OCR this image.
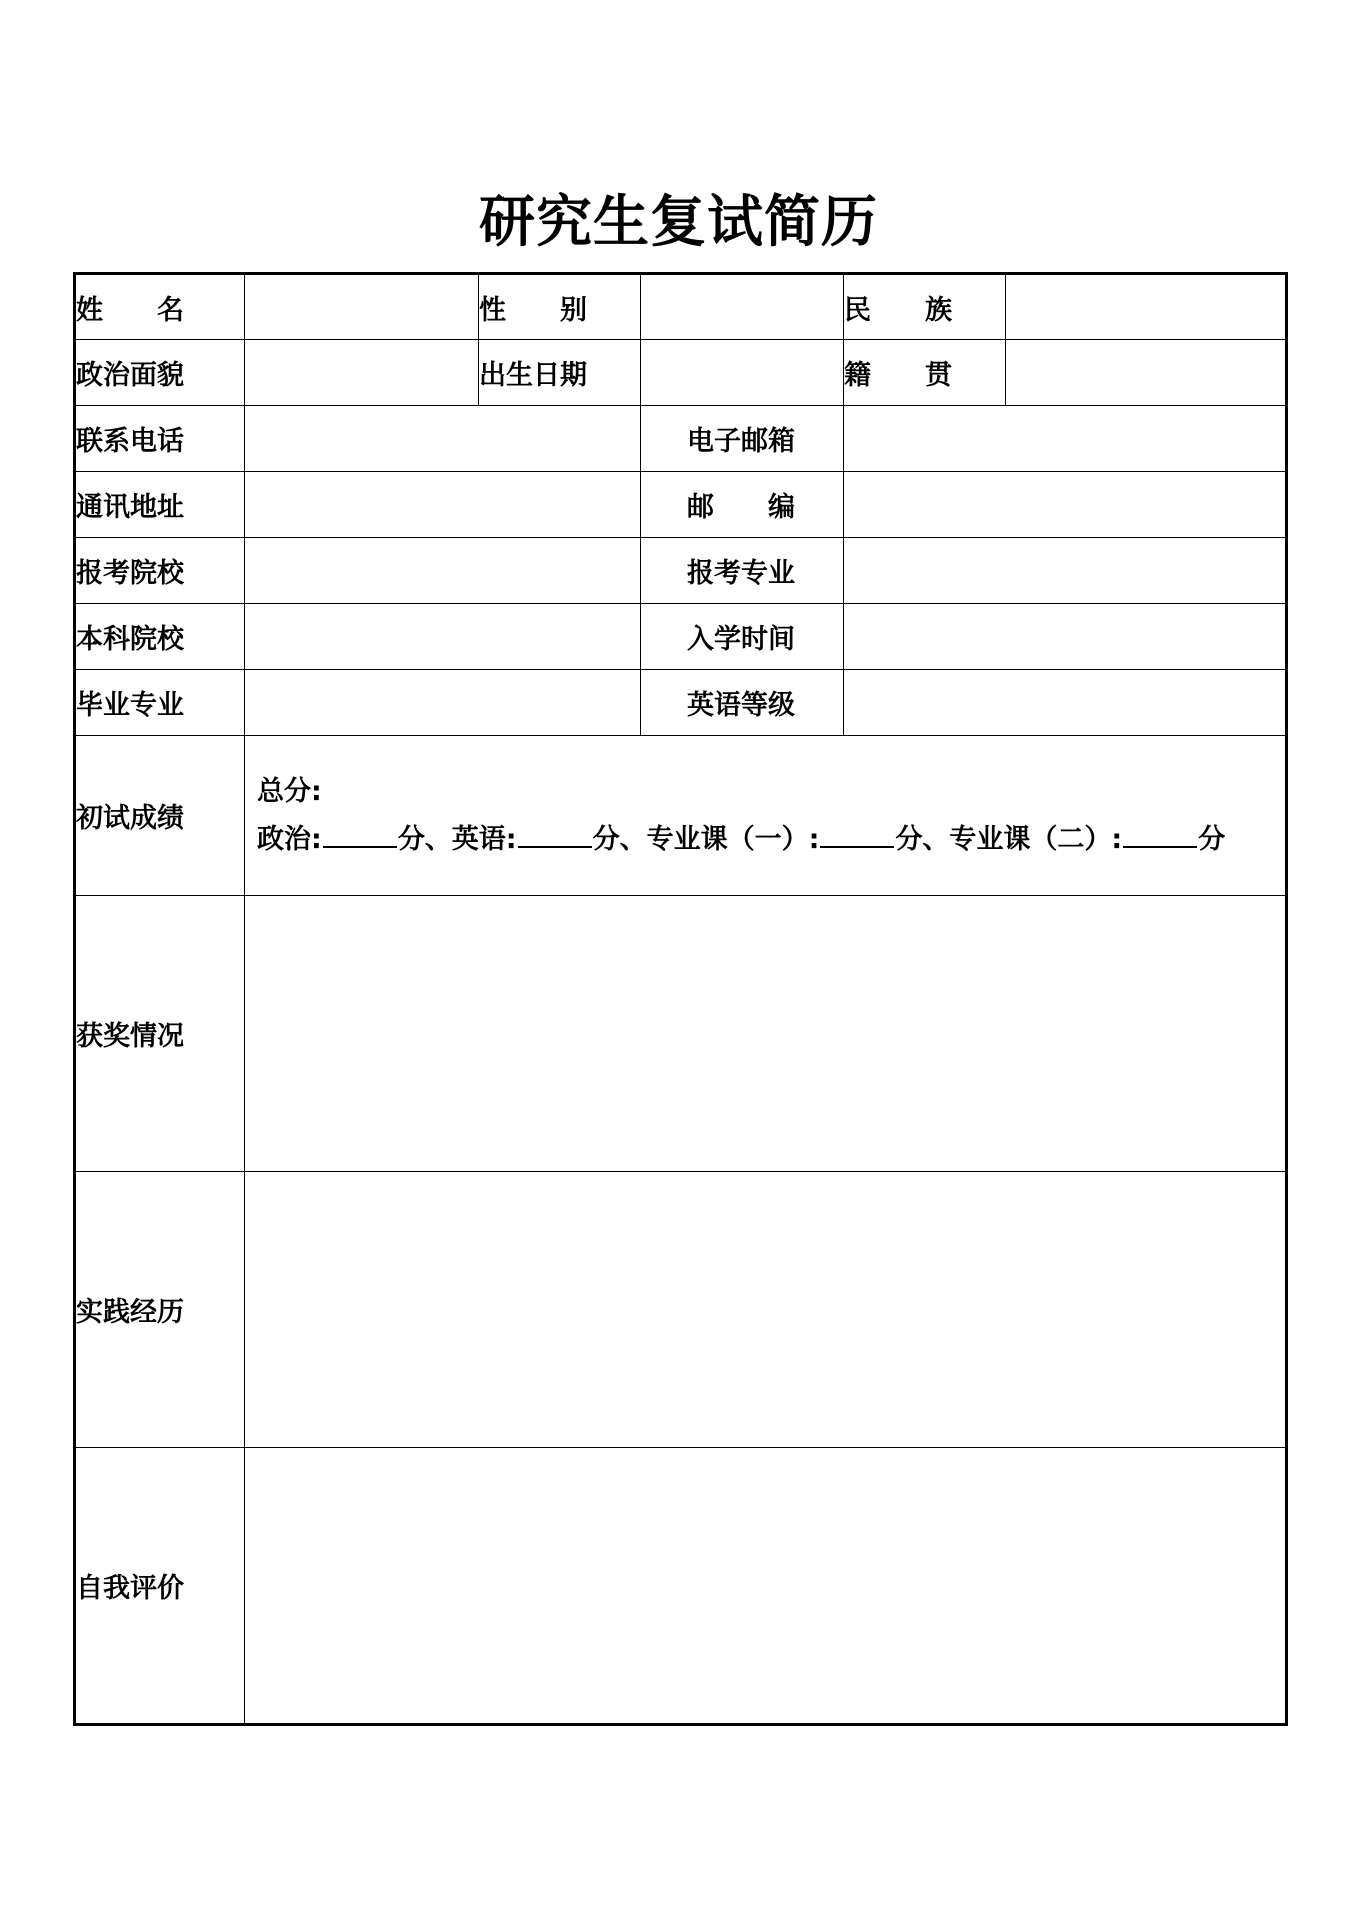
研究生复试简历
姓 名		性 别		民 族	

政治面貌		出生日期		籍 贯	

联系电话			电子邮箱		
通讯地址			邮 编		

报考院校			报考专业		
本科院校			入学时间		
毕业专业			英语等级		
初试成绩	总分:
政治: 分、英语: 分、专业课（一）: 分、专业课（二）: 分				

获奖情况					
实践经历					
自我评价					
